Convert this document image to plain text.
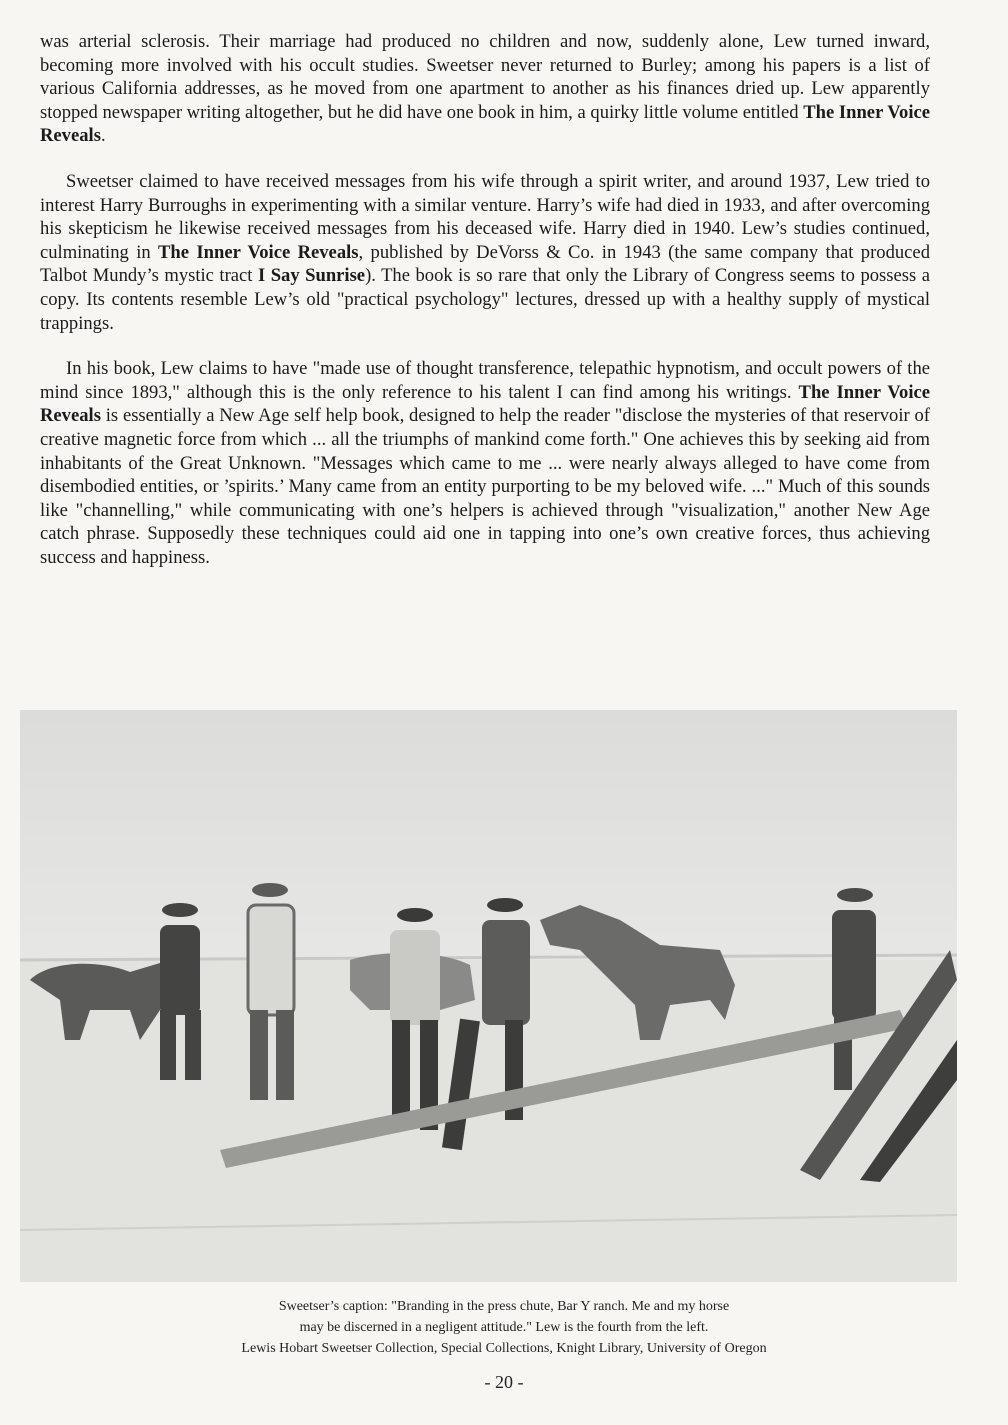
was arterial sclerosis. Their marriage had produced no children and now, suddenly alone, Lew turned inward, becoming more involved with his occult studies. Sweetser never returned to Burley; among his papers is a list of various California addresses, as he moved from one apartment to another as his finances dried up. Lew apparently stopped newspaper writing altogether, but he did have one book in him, a quirky little volume entitled The Inner Voice Reveals.

Sweetser claimed to have received messages from his wife through a spirit writer, and around 1937, Lew tried to interest Harry Burroughs in experimenting with a similar venture. Harry’s wife had died in 1933, and after overcoming his skepticism he likewise received messages from his deceased wife. Harry died in 1940. Lew’s studies continued, culminating in The Inner Voice Reveals, published by DeVorss & Co. in 1943 (the same company that produced Talbot Mundy’s mystic tract I Say Sunrise). The book is so rare that only the Library of Congress seems to possess a copy. Its contents resemble Lew’s old "practical psychology" lectures, dressed up with a healthy supply of mystical trappings.

In his book, Lew claims to have "made use of thought transference, telepathic hypnotism, and occult powers of the mind since 1893," although this is the only reference to his talent I can find among his writings. The Inner Voice Reveals is essentially a New Age self help book, designed to help the reader "disclose the mysteries of that reservoir of creative magnetic force from which ... all the triumphs of mankind come forth." One achieves this by seeking aid from inhabitants of the Great Unknown. "Messages which came to me ... were nearly always alleged to have come from disembodied entities, or ’spirits.’ Many came from an entity purporting to be my beloved wife. ..." Much of this sounds like "channelling," while communicating with one’s helpers is achieved through "visualization," another New Age catch phrase. Supposedly these techniques could aid one in tapping into one’s own creative forces, thus achieving success and happiness.

Sweetser’s caption: "Branding in the press chute, Bar Y ranch. Me and my horse
may be discerned in a negligent attitude." Lew is the fourth from the left.
Lewis Hobart Sweetser Collection, Special Collections, Knight Library, University of Oregon
- 20 -
